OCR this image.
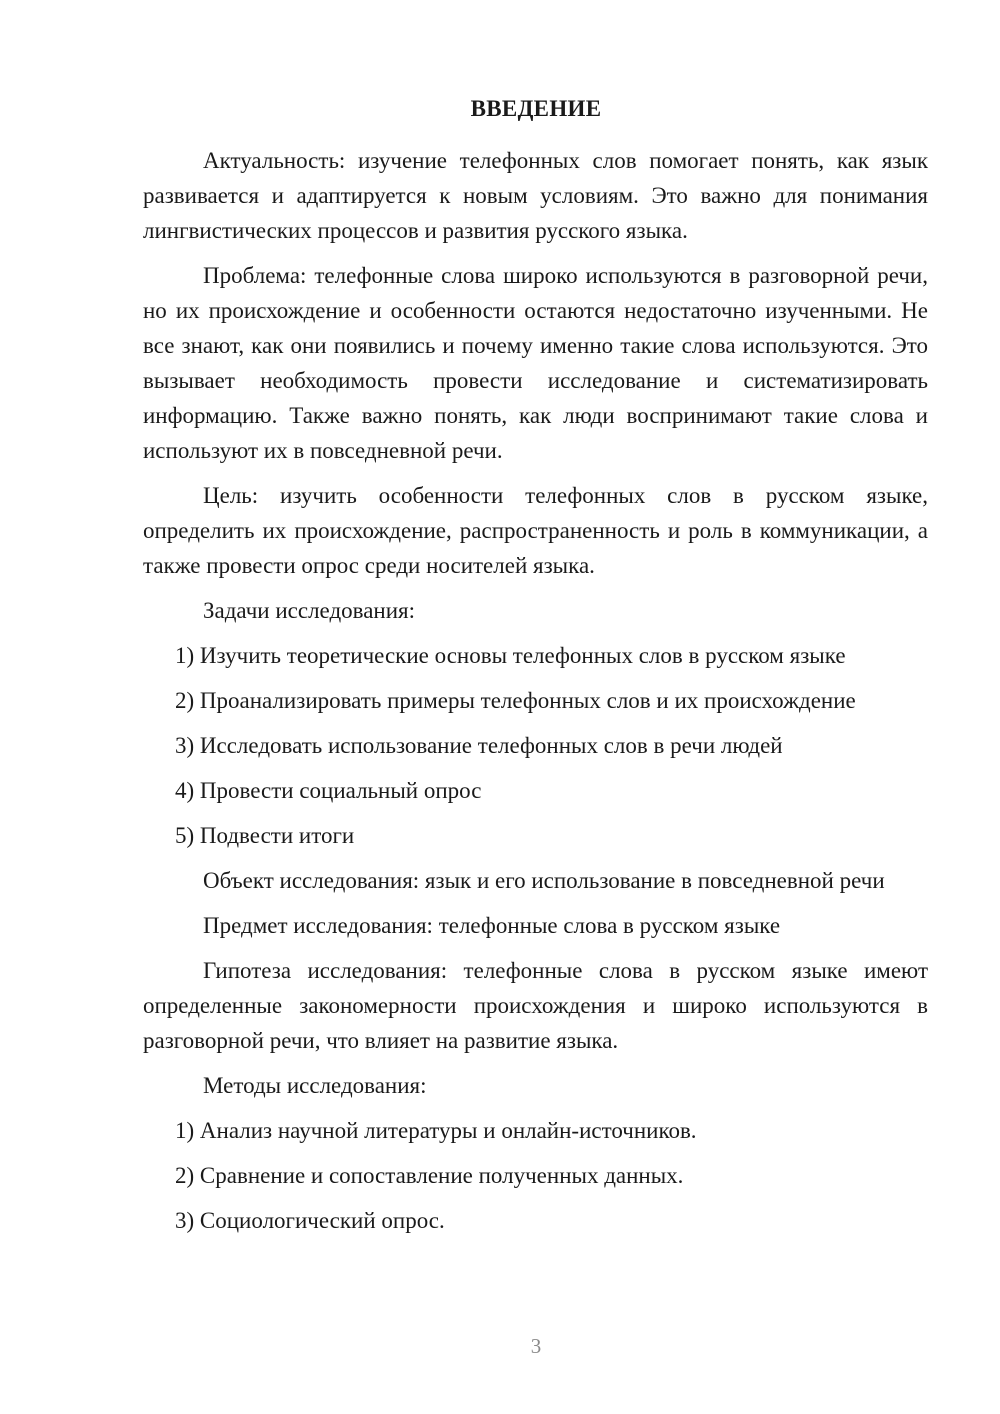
ВВЕДЕНИЕ

Актуальность: изучение телефонных слов помогает понять, как язык развивается и адаптируется к новым условиям. Это важно для понимания лингвистических процессов и развития русского языка.

Проблема: телефонные слова широко используются в разговорной речи, но их происхождение и особенности остаются недостаточно изученными. Не все знают, как они появились и почему именно такие слова используются. Это вызывает необходимость провести исследование и систематизировать информацию. Также важно понять, как люди воспринимают такие слова и используют их в повседневной речи.

Цель: изучить особенности телефонных слов в русском языке, определить их происхождение, распространенность и роль в коммуникации, а также провести опрос среди носителей языка.

Задачи исследования:

1) Изучить теоретические основы телефонных слов в русском языке

2) Проанализировать примеры телефонных слов и их происхождение

3) Исследовать использование телефонных слов в речи людей

4) Провести социальный опрос

5) Подвести итоги

Объект исследования: язык и его использование в повседневной речи

Предмет исследования: телефонные слова в русском языке

Гипотеза исследования: телефонные слова в русском языке имеют определенные закономерности происхождения и широко используются в разговорной речи, что влияет на развитие языка.

Методы исследования:

1) Анализ научной литературы и онлайн-источников.

2) Сравнение и сопоставление полученных данных.

3) Социологический опрос.

3
